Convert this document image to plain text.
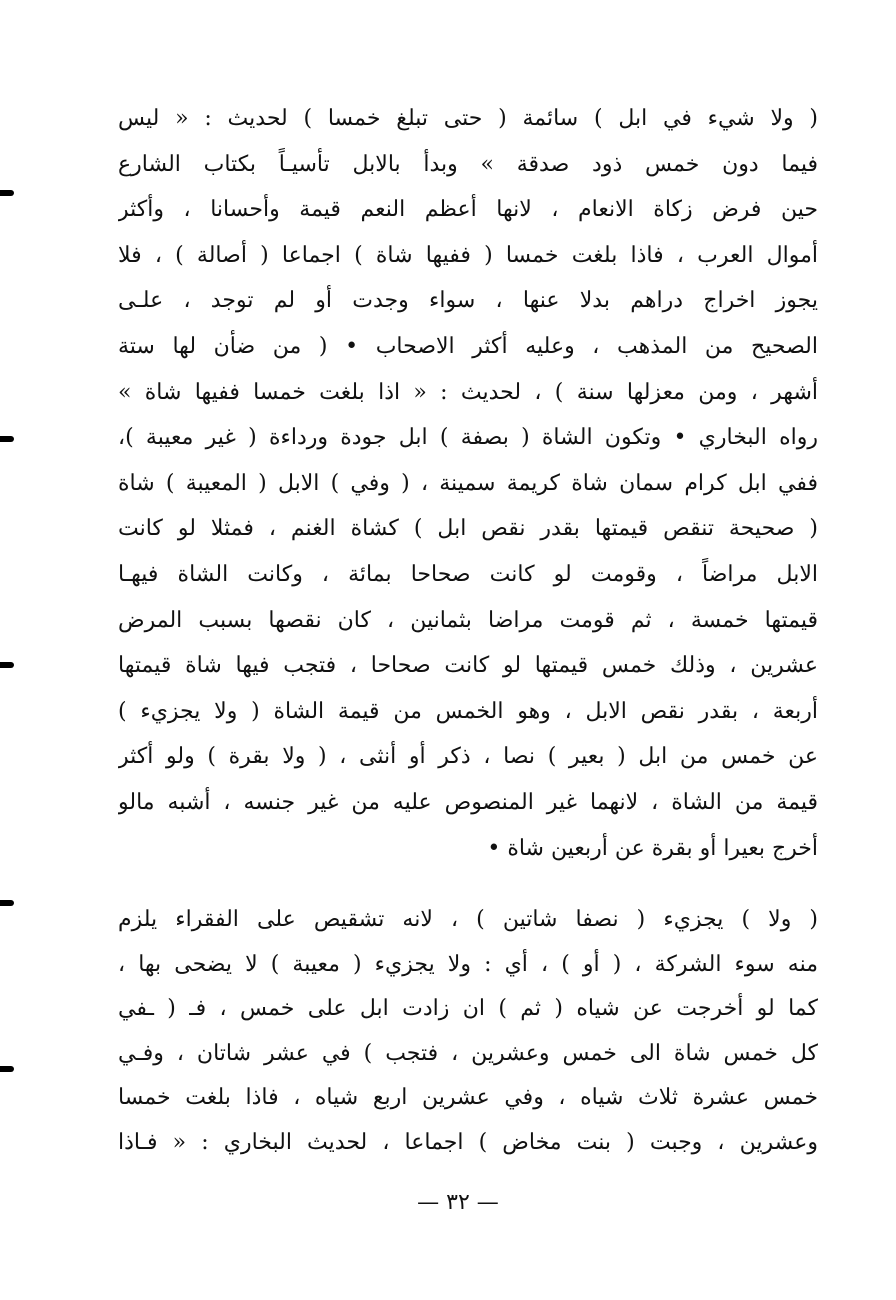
( ولا شيء في ابل ) سائمة ( حتى تبلغ خمسا ) لحديث : « ليس
فيما دون خمس ذود صدقة » وبدأ بالابل تأسيـاً بكتاب الشارع
حين فرض زكاة الانعام ، لانها أعظم النعم قيمة وأحسانا ، وأكثر
أموال العرب ، فاذا بلغت خمسا ( ففيها شاة ) اجماعا ( أصالة ) ، فلا
يجوز اخراج دراهم بدلا عنها ، سواء وجدت أو لم توجد ، علـى
الصحيح من المذهب ، وعليه أكثر الاصحاب • ( من ضأن لها ستة
أشهر ، ومن معزلها سنة ) ، لحديث : « اذا بلغت خمسا ففيها شاة »
رواه البخاري • وتكون الشاة ( بصفة ) ابل جودة ورداءة ( غير معيبة )،
ففي ابل كرام سمان شاة كريمة سمينة ، ( وفي ) الابل ( المعيبة ) شاة
( صحيحة تنقص قيمتها بقدر نقص ابل ) كشاة الغنم ، فمثلا لو كانت
الابل مراضاً ، وقومت لو كانت صحاحا بمائة ، وكانت الشاة فيهـا
قيمتها خمسة ، ثم قومت مراضا بثمانين ، كان نقصها بسبب المرض
عشرين ، وذلك خمس قيمتها لو كانت صحاحا ، فتجب فيها شاة قيمتها
أربعة ، بقدر نقص الابل ، وهو الخمس من قيمة الشاة ( ولا يجزيء )
عن خمس من ابل ( بعير ) نصا ، ذكر أو أنثى ، ( ولا بقرة ) ولو أكثر
قيمة من الشاة ، لانهما غير المنصوص عليه من غير جنسه ، أشبه مالو
أخرج بعيرا أو بقرة عن أربعين شاة •
( ولا ) يجزيء ( نصفا شاتين ) ، لانه تشقيص على الفقراء يلزم
منه سوء الشركة ، ( أو ) ، أي : ولا يجزيء ( معيبة ) لا يضحى بها ،
كما لو أخرجت عن شياه ( ثم ) ان زادت ابل على خمس ، فـ ( ـفي
كل خمس شاة الى خمس وعشرين ، فتجب ) في عشر شاتان ، وفـي
خمس عشرة ثلاث شياه ، وفي عشرين اربع شياه ، فاذا بلغت خمسا
وعشرين ، وجبت ( بنت مخاض ) اجماعا ، لحديث البخاري : « فـاذا
— ٣٢ —
